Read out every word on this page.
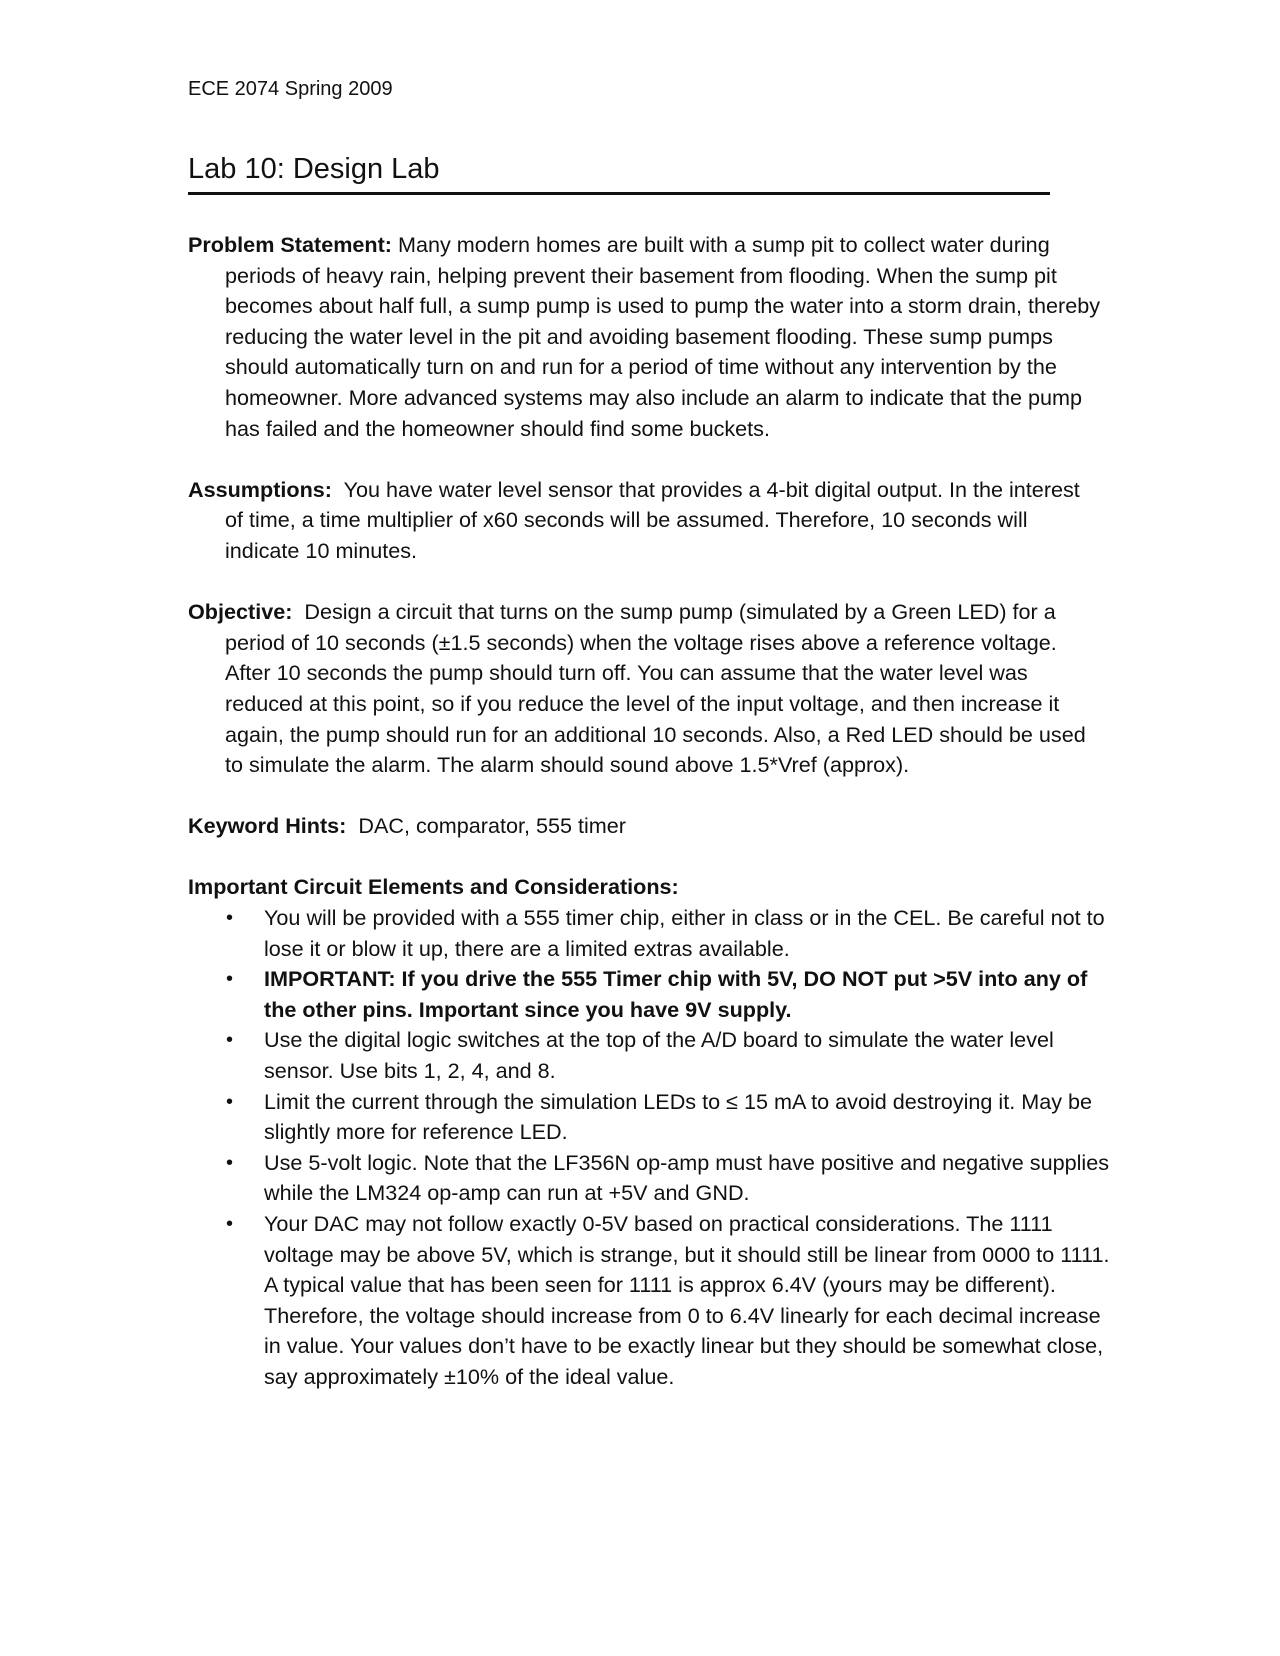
ECE 2074 Spring 2009
Lab 10: Design Lab

Problem Statement: Many modern homes are built with a sump pit to collect water during periods of heavy rain, helping prevent their basement from flooding. When the sump pit becomes about half full, a sump pump is used to pump the water into a storm drain, thereby reducing the water level in the pit and avoiding basement flooding. These sump pumps should automatically turn on and run for a period of time without any intervention by the homeowner. More advanced systems may also include an alarm to indicate that the pump has failed and the homeowner should find some buckets.

Assumptions: You have water level sensor that provides a 4-bit digital output. In the interest of time, a time multiplier of x60 seconds will be assumed. Therefore, 10 seconds will indicate 10 minutes.

Objective: Design a circuit that turns on the sump pump (simulated by a Green LED) for a period of 10 seconds (±1.5 seconds) when the voltage rises above a reference voltage. After 10 seconds the pump should turn off. You can assume that the water level was reduced at this point, so if you reduce the level of the input voltage, and then increase it again, the pump should run for an additional 10 seconds. Also, a Red LED should be used to simulate the alarm. The alarm should sound above 1.5*Vref (approx).

Keyword Hints: DAC, comparator, 555 timer

Important Circuit Elements and Considerations:
• You will be provided with a 555 timer chip, either in class or in the CEL. Be careful not to lose it or blow it up, there are a limited extras available.
• IMPORTANT: If you drive the 555 Timer chip with 5V, DO NOT put >5V into any of the other pins. Important since you have 9V supply.
• Use the digital logic switches at the top of the A/D board to simulate the water level sensor. Use bits 1, 2, 4, and 8.
• Limit the current through the simulation LEDs to ≤ 15 mA to avoid destroying it. May be slightly more for reference LED.
• Use 5-volt logic. Note that the LF356N op-amp must have positive and negative supplies while the LM324 op-amp can run at +5V and GND.
• Your DAC may not follow exactly 0-5V based on practical considerations. The 1111 voltage may be above 5V, which is strange, but it should still be linear from 0000 to 1111. A typical value that has been seen for 1111 is approx 6.4V (yours may be different). Therefore, the voltage should increase from 0 to 6.4V linearly for each decimal increase in value. Your values don’t have to be exactly linear but they should be somewhat close, say approximately ±10% of the ideal value.
